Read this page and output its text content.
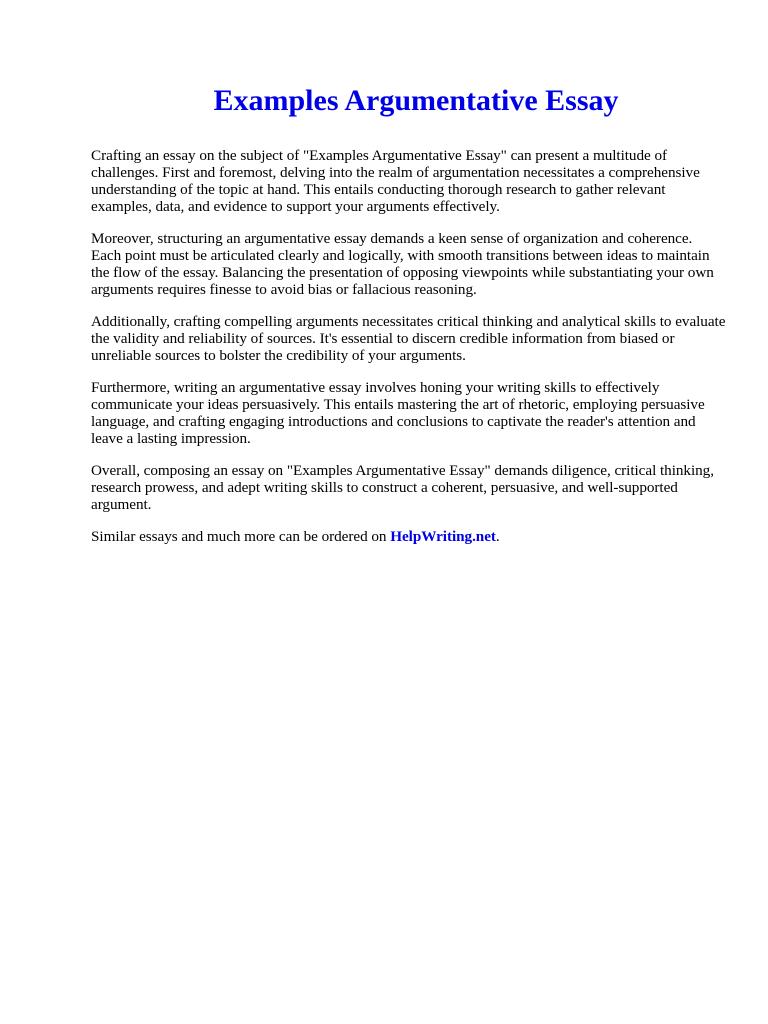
Examples Argumentative Essay

Crafting an essay on the subject of "Examples Argumentative Essay" can present a multitude of challenges. First and foremost, delving into the realm of argumentation necessitates a comprehensive understanding of the topic at hand. This entails conducting thorough research to gather relevant examples, data, and evidence to support your arguments effectively.

Moreover, structuring an argumentative essay demands a keen sense of organization and coherence. Each point must be articulated clearly and logically, with smooth transitions between ideas to maintain the flow of the essay. Balancing the presentation of opposing viewpoints while substantiating your own arguments requires finesse to avoid bias or fallacious reasoning.

Additionally, crafting compelling arguments necessitates critical thinking and analytical skills to evaluate the validity and reliability of sources. It's essential to discern credible information from biased or unreliable sources to bolster the credibility of your arguments.

Furthermore, writing an argumentative essay involves honing your writing skills to effectively communicate your ideas persuasively. This entails mastering the art of rhetoric, employing persuasive language, and crafting engaging introductions and conclusions to captivate the reader's attention and leave a lasting impression.

Overall, composing an essay on "Examples Argumentative Essay" demands diligence, critical thinking, research prowess, and adept writing skills to construct a coherent, persuasive, and well-supported argument.

Similar essays and much more can be ordered on HelpWriting.net.
